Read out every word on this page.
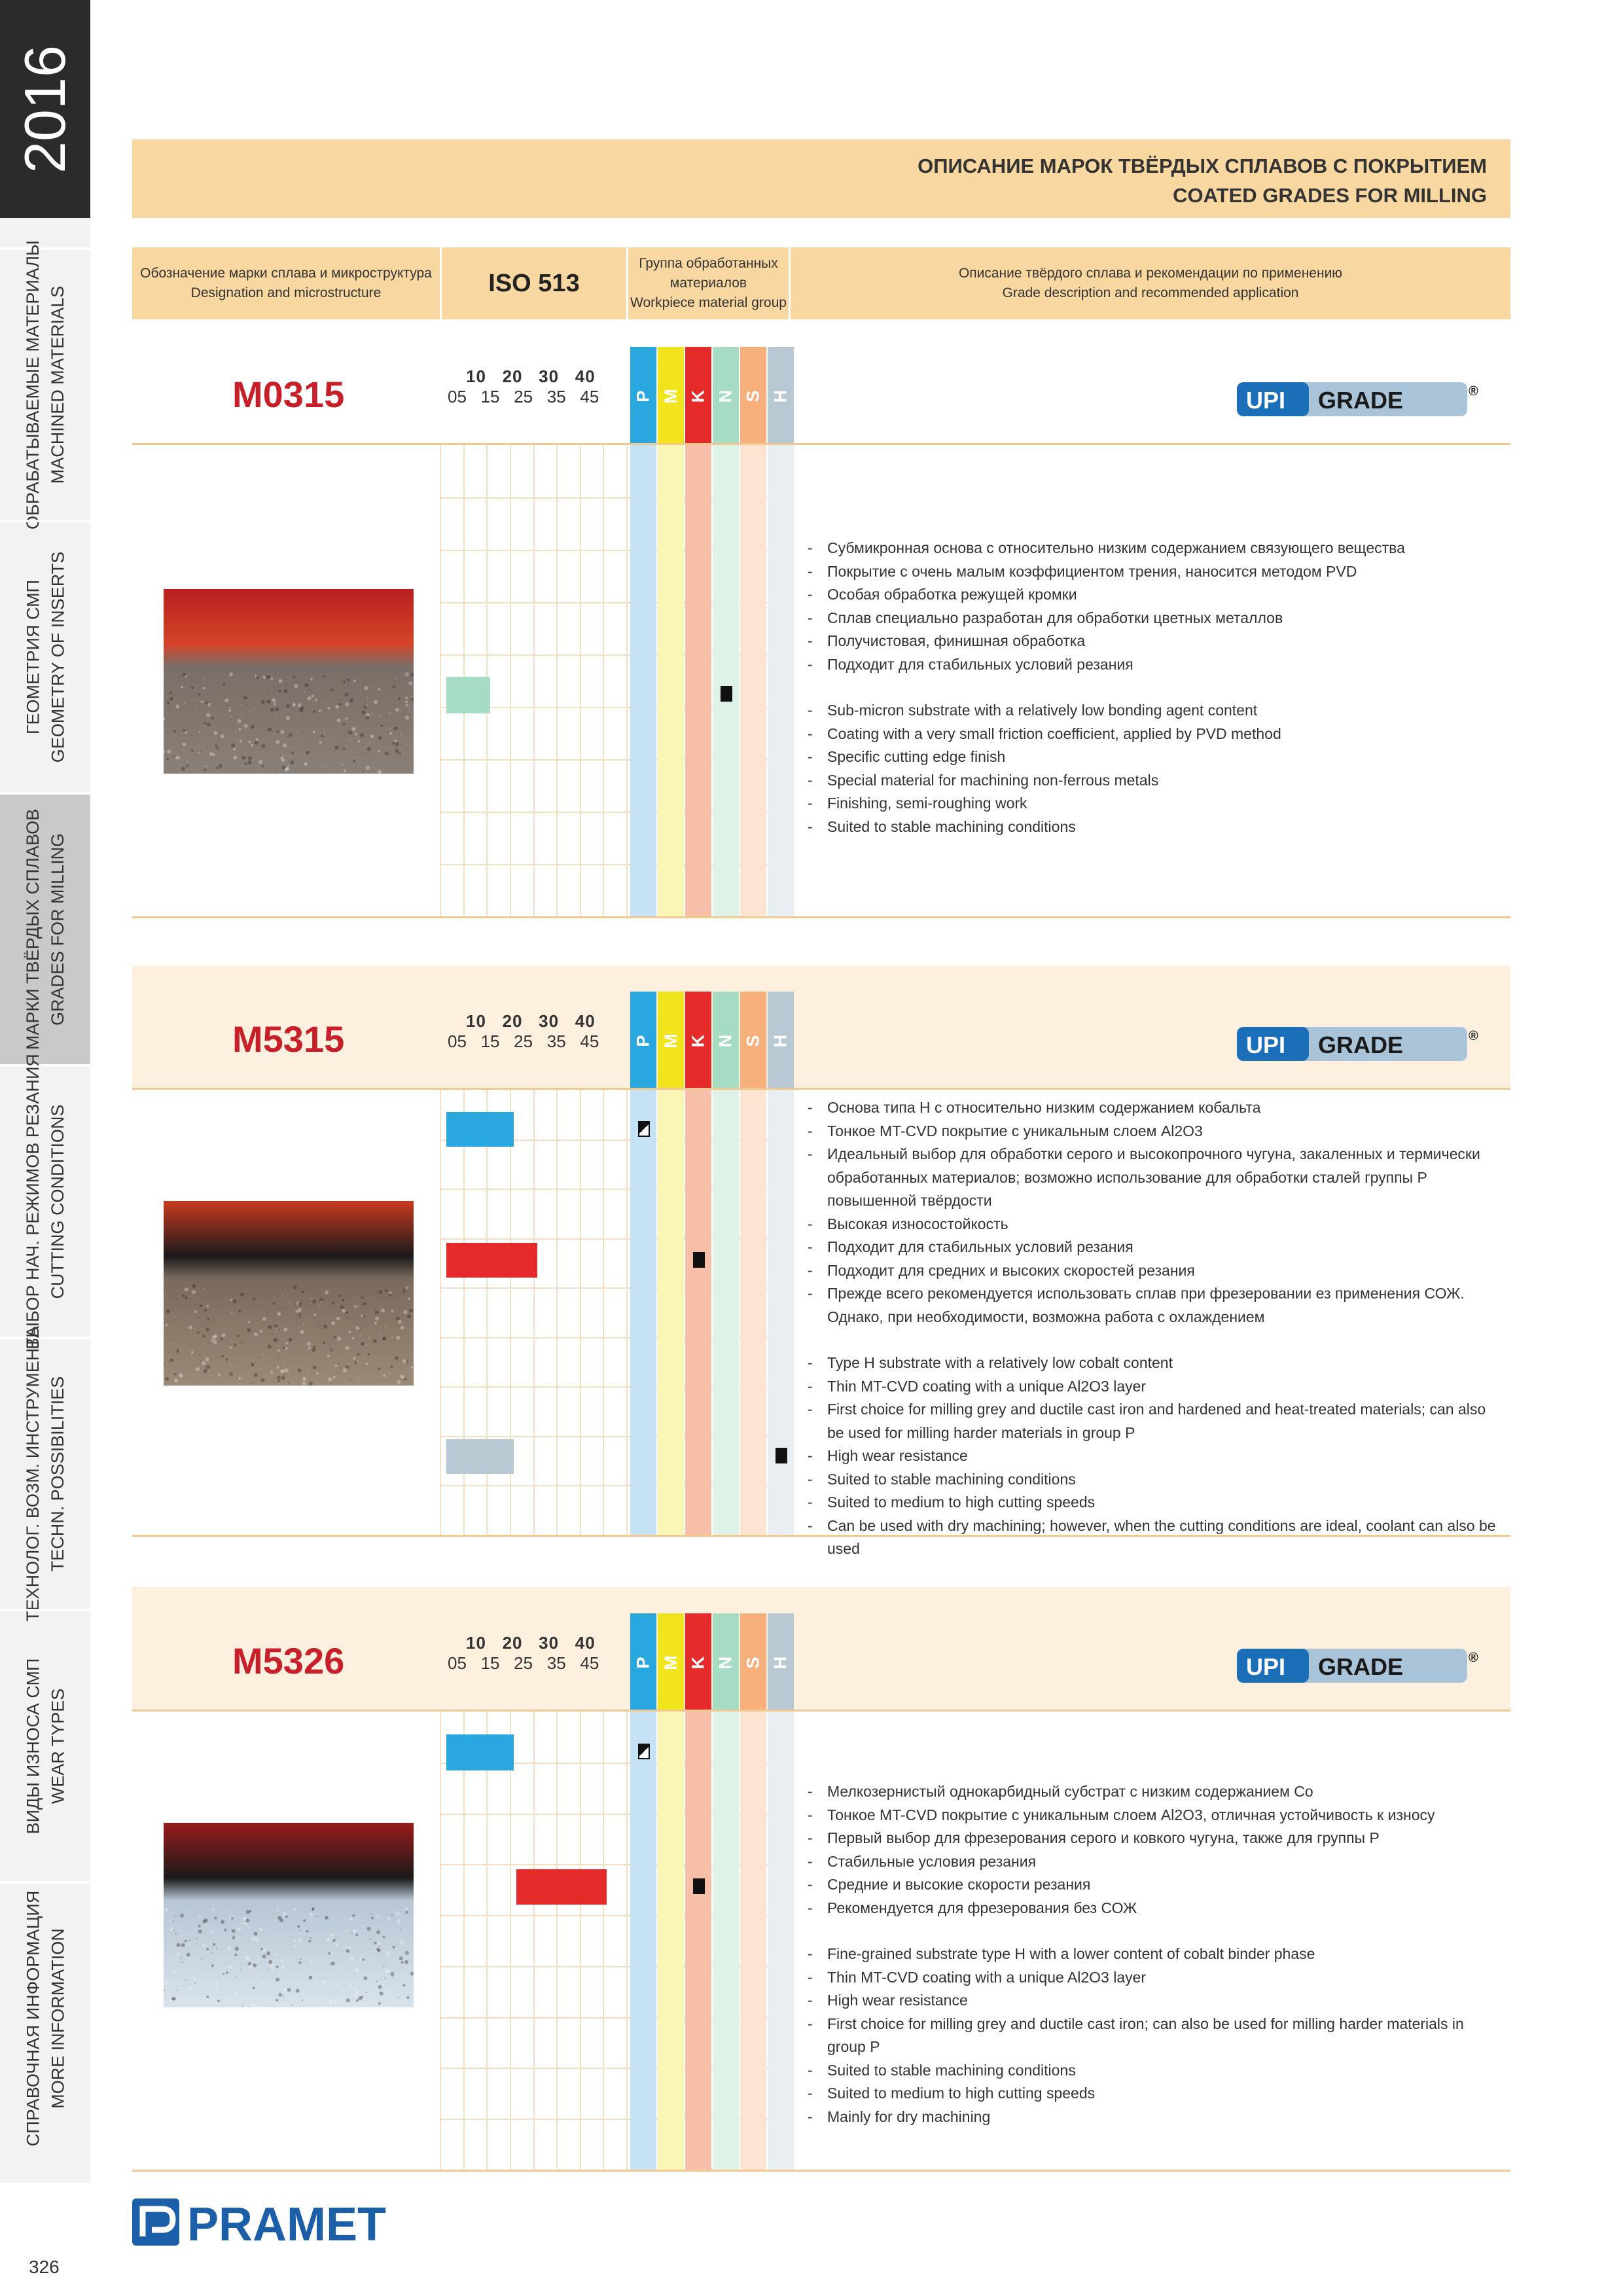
2016
ОБРАБАТЫВАЕМЫЕ МАТЕРИАЛЫ MACHINED MATERIALS
ГЕОМЕТРИЯ СМП GEOMETRY OF INSERTS
МАРКИ ТВЁРДЫХ СПЛАВОВ GRADES FOR MILLING
ВЫБОР НАЧ. РЕЖИМОВ РЕЗАНИЯ CUTTING CONDITIONS
ТЕХНОЛОГ. ВОЗМ. ИНСТРУМЕНТА TECHN. POSSIBILITIES
ВИДЫ ИЗНОСА СМП WEAR TYPES
СПРАВОЧНАЯ ИНФОРМАЦИЯ MORE INFORMATION
ОПИСАНИЕ МАРОК ТВЁРДЫХ СПЛАВОВ С ПОКРЫТИЕМ
COATED GRADES FOR MILLING
Обозначение марки сплава и микроструктура
Designation and microstructure	ISO 513
Группа обработанных
материалов
Workpiece material group
Описание твёрдого сплава и рекомендации по применению
Grade description and recommended application
M0315	10   20   30   40
05   15   25   35   45	P M K N S H	UPI GRADE	®
- Субмикронная основа с относительно низким содержанием связующего вещества
- Покрытие с очень малым коэффициентом трения, наносится методом PVD
- Особая обработка режущей кромки
- Сплав специально разработан для обработки цветных металлов
- Получистовая, финишная обработка
- Подходит для стабильных условий резания
- Sub-micron substrate with a relatively low bonding agent content
- Coating with a very small friction coefficient, applied by PVD method
- Specific cutting edge finish
- Special material for machining non-ferrous metals
- Finishing, semi-roughing work
- Suited to stable machining conditions
M5315	10   20   30   40
05   15   25   35   45	P M K N S H	UPI GRADE	®
- Основа типа H с относительно низким содержанием кобальта
- Тонкое MT-CVD покрытие с уникальным слоем Al2O3
- Идеальный выбор для обработки серого и высокопрочного чугуна, закаленных и термически обработанных материалов; возможно использование для обработки сталей группы P повышенной твёрдости
- Высокая износостойкость
- Подходит для стабильных условий резания
- Подходит для средних и высоких скоростей резания
- Прежде всего рекомендуется использовать сплав при фрезеровании ез применения СОЖ. Однако, при необходимости, возможна работа с охлаждением
- Type H substrate with a relatively low cobalt content
- Thin MT-CVD coating with a unique Al2O3 layer
- First choice for milling grey and ductile cast iron and hardened and heat-treated materials; can also be used for milling harder materials in group P
- High wear resistance
- Suited to stable machining conditions
- Suited to medium to high cutting speeds
- Can be used with dry machining; however, when the cutting conditions are ideal, coolant can also be used
M5326	10   20   30   40
05   15   25   35   45	P M K N S H	UPI GRADE	®
- Мелкозернистый однокарбидный субстрат с низким содержанием Co
- Тонкое MT-CVD покрытие с уникальным слоем Al2O3, отличная устойчивость к износу
- Первый выбор для фрезерования серого и ковкого чугуна, также для группы P
- Стабильные условия резания
- Средние и высокие скорости резания
- Рекомендуется для фрезерования без СОЖ
- Fine-grained substrate type H with a lower content of cobalt binder phase
- Thin MT-CVD coating with a unique Al2O3 layer
- High wear resistance
- First choice for milling grey and ductile cast iron; can also be used for milling harder materials in group P
- Suited to stable machining conditions
- Suited to medium to high cutting speeds
- Mainly for dry machining
PRAMET
326
